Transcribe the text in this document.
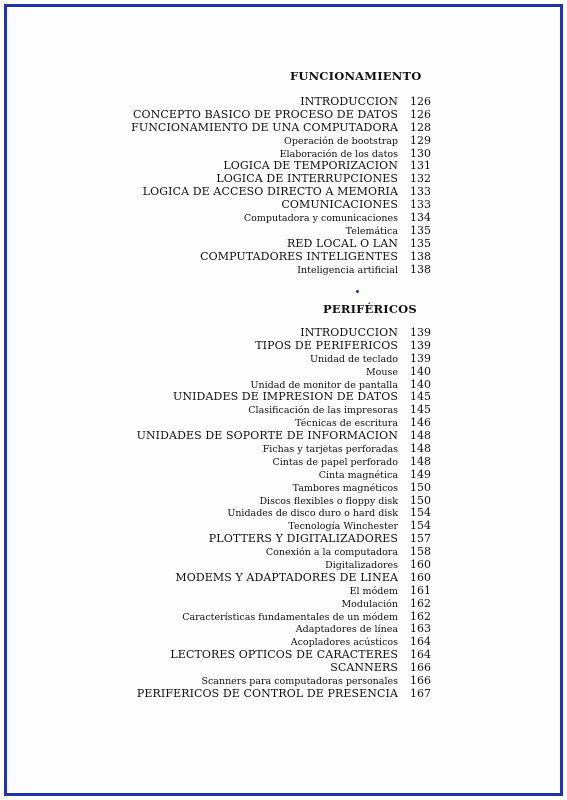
FUNCIONAMIENTO
INTRODUCCIÓN	126
CONCEPTO BÁSICO DE PROCESO DE DATOS	126
FUNCIONAMIENTO DE UNA COMPUTADORA	128
Operación de bootstrap	129
Elaboración de los datos	130
LÓGICA DE TEMPORIZACIÓN	131
LÓGICA DE INTERRUPCIONES	132
LÓGICA DE ACCESO DIRECTO A MEMORIA	133
COMUNICACIONES	133
Computadora y comunicaciones	134
Telemática	135
RED LOCAL O LAN	135
COMPUTADORES INTELIGENTES	138
Inteligencia artificial	138
PERIFÉRICOS
INTRODUCCIÓN	139
TIPOS DE PERIFÉRICOS	139
Unidad de teclado	139
Mouse	140
Unidad de monitor de pantalla	140
UNIDADES DE IMPRESIÓN DE DATOS	145
Clasificación de las impresoras	145
Técnicas de escritura	146
UNIDADES DE SOPORTE DE INFORMACIÓN	148
Fichas y tarjetas perforadas	148
Cintas de papel perforado	148
Cinta magnética	149
Tambores magnéticos	150
Discos flexibles o floppy disk	150
Unidades de disco duro o hard disk	154
Tecnología Winchester	154
PLOTTERS Y DIGITALIZADORES	157
Conexión a la computadora	158
Digitalizadores	160
MÓDEMS Y ADAPTADORES DE LÍNEA	160
El módem	161
Modulación	162
Características fundamentales de un módem	162
Adaptadores de línea	163
Acopladores acústicos	164
LECTORES ÓPTICOS DE CARACTERES	164
SCANNERS	166
Scanners para computadoras personales	166
PERIFÉRICOS DE CONTROL DE PRESENCIA	167
